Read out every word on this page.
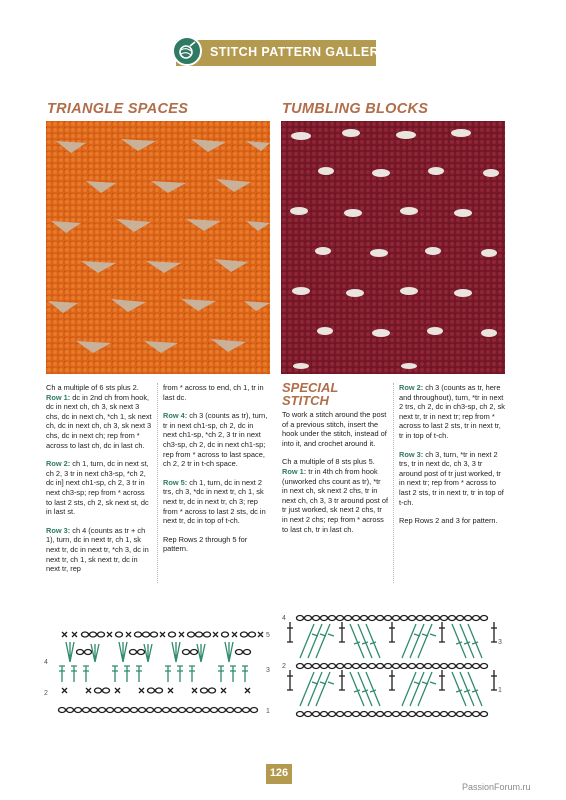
STITCH PATTERN GALLERY
TRIANGLE SPACES	TUMBLING BLOCKS

Ch a multiple of 6 sts plus 2.

Row 1: dc in 2nd ch from hook, dc in next ch, ch 3, sk next 3 chs, dc in next ch, *ch 1, sk next ch, dc in next ch, ch 3, sk next 3 chs, dc in next ch; rep from * across to last ch, dc in last ch.

Row 2: ch 1, turn, dc in next st, ch 2, 3 tr in next ch3-sp, *ch 2, dc in] next ch1-sp, ch 2, 3 tr in next ch3-sp; rep from * across to last 2 sts, ch 2, sk next st, dc in last st.

Row 3: ch 4 (counts as tr + ch 1), turn, dc in next tr, ch 1, sk next tr, dc in next tr, *ch 3, dc in next tr, ch 1, sk next tr, dc in next tr, rep

from * across to end, ch 1, tr in last dc.

Row 4: ch 3 (counts as tr), turn, tr in next ch1-sp, ch 2, dc in next ch1-sp, *ch 2, 3 tr in next ch3-sp, ch 2, dc in next ch1-sp; rep from * across to last space, ch 2, 2 tr in t-ch space.

Row 5: ch 1, turn, dc in next 2 trs, ch 3, *dc in next tr, ch 1, sk next tr, dc in next tr, ch 3; rep from * across to last 2 sts, dc in next tr, dc in top of t-ch.

Rep Rows 2 through 5 for pattern.

SPECIAL
STITCH

To work a stitch around the post of a previous stitch, insert the hook under the stitch, instead of into it, and crochet around it.

Ch a multiple of 8 sts plus 5.

Row 1: tr in 4th ch from hook (unworked chs count as tr), *tr in next ch, sk next 2 chs, tr in next ch, ch 3, 3 tr around post of tr just worked, sk next 2 chs, tr in next 2 chs; rep from * across to last ch, tr in last ch.

Row 2: ch 3 (counts as tr, here and throughout), turn, *tr in next 2 trs, ch 2, dc in ch3-sp, ch 2, sk next tr, tr in next tr; rep from * across to last 2 sts, tr in next tr, tr in top of t-ch.

Row 3: ch 3, turn, *tr in next 2 trs, tr in next dc, ch 3, 3 tr around post of tr just worked, tr in next tr; rep from * across to last 2 sts, tr in next tr, tr in top of t-ch.

Rep Rows 2 and 3 for pattern.

5
4
3
2
1
4
3
2
1
126
PassionForum.ru
